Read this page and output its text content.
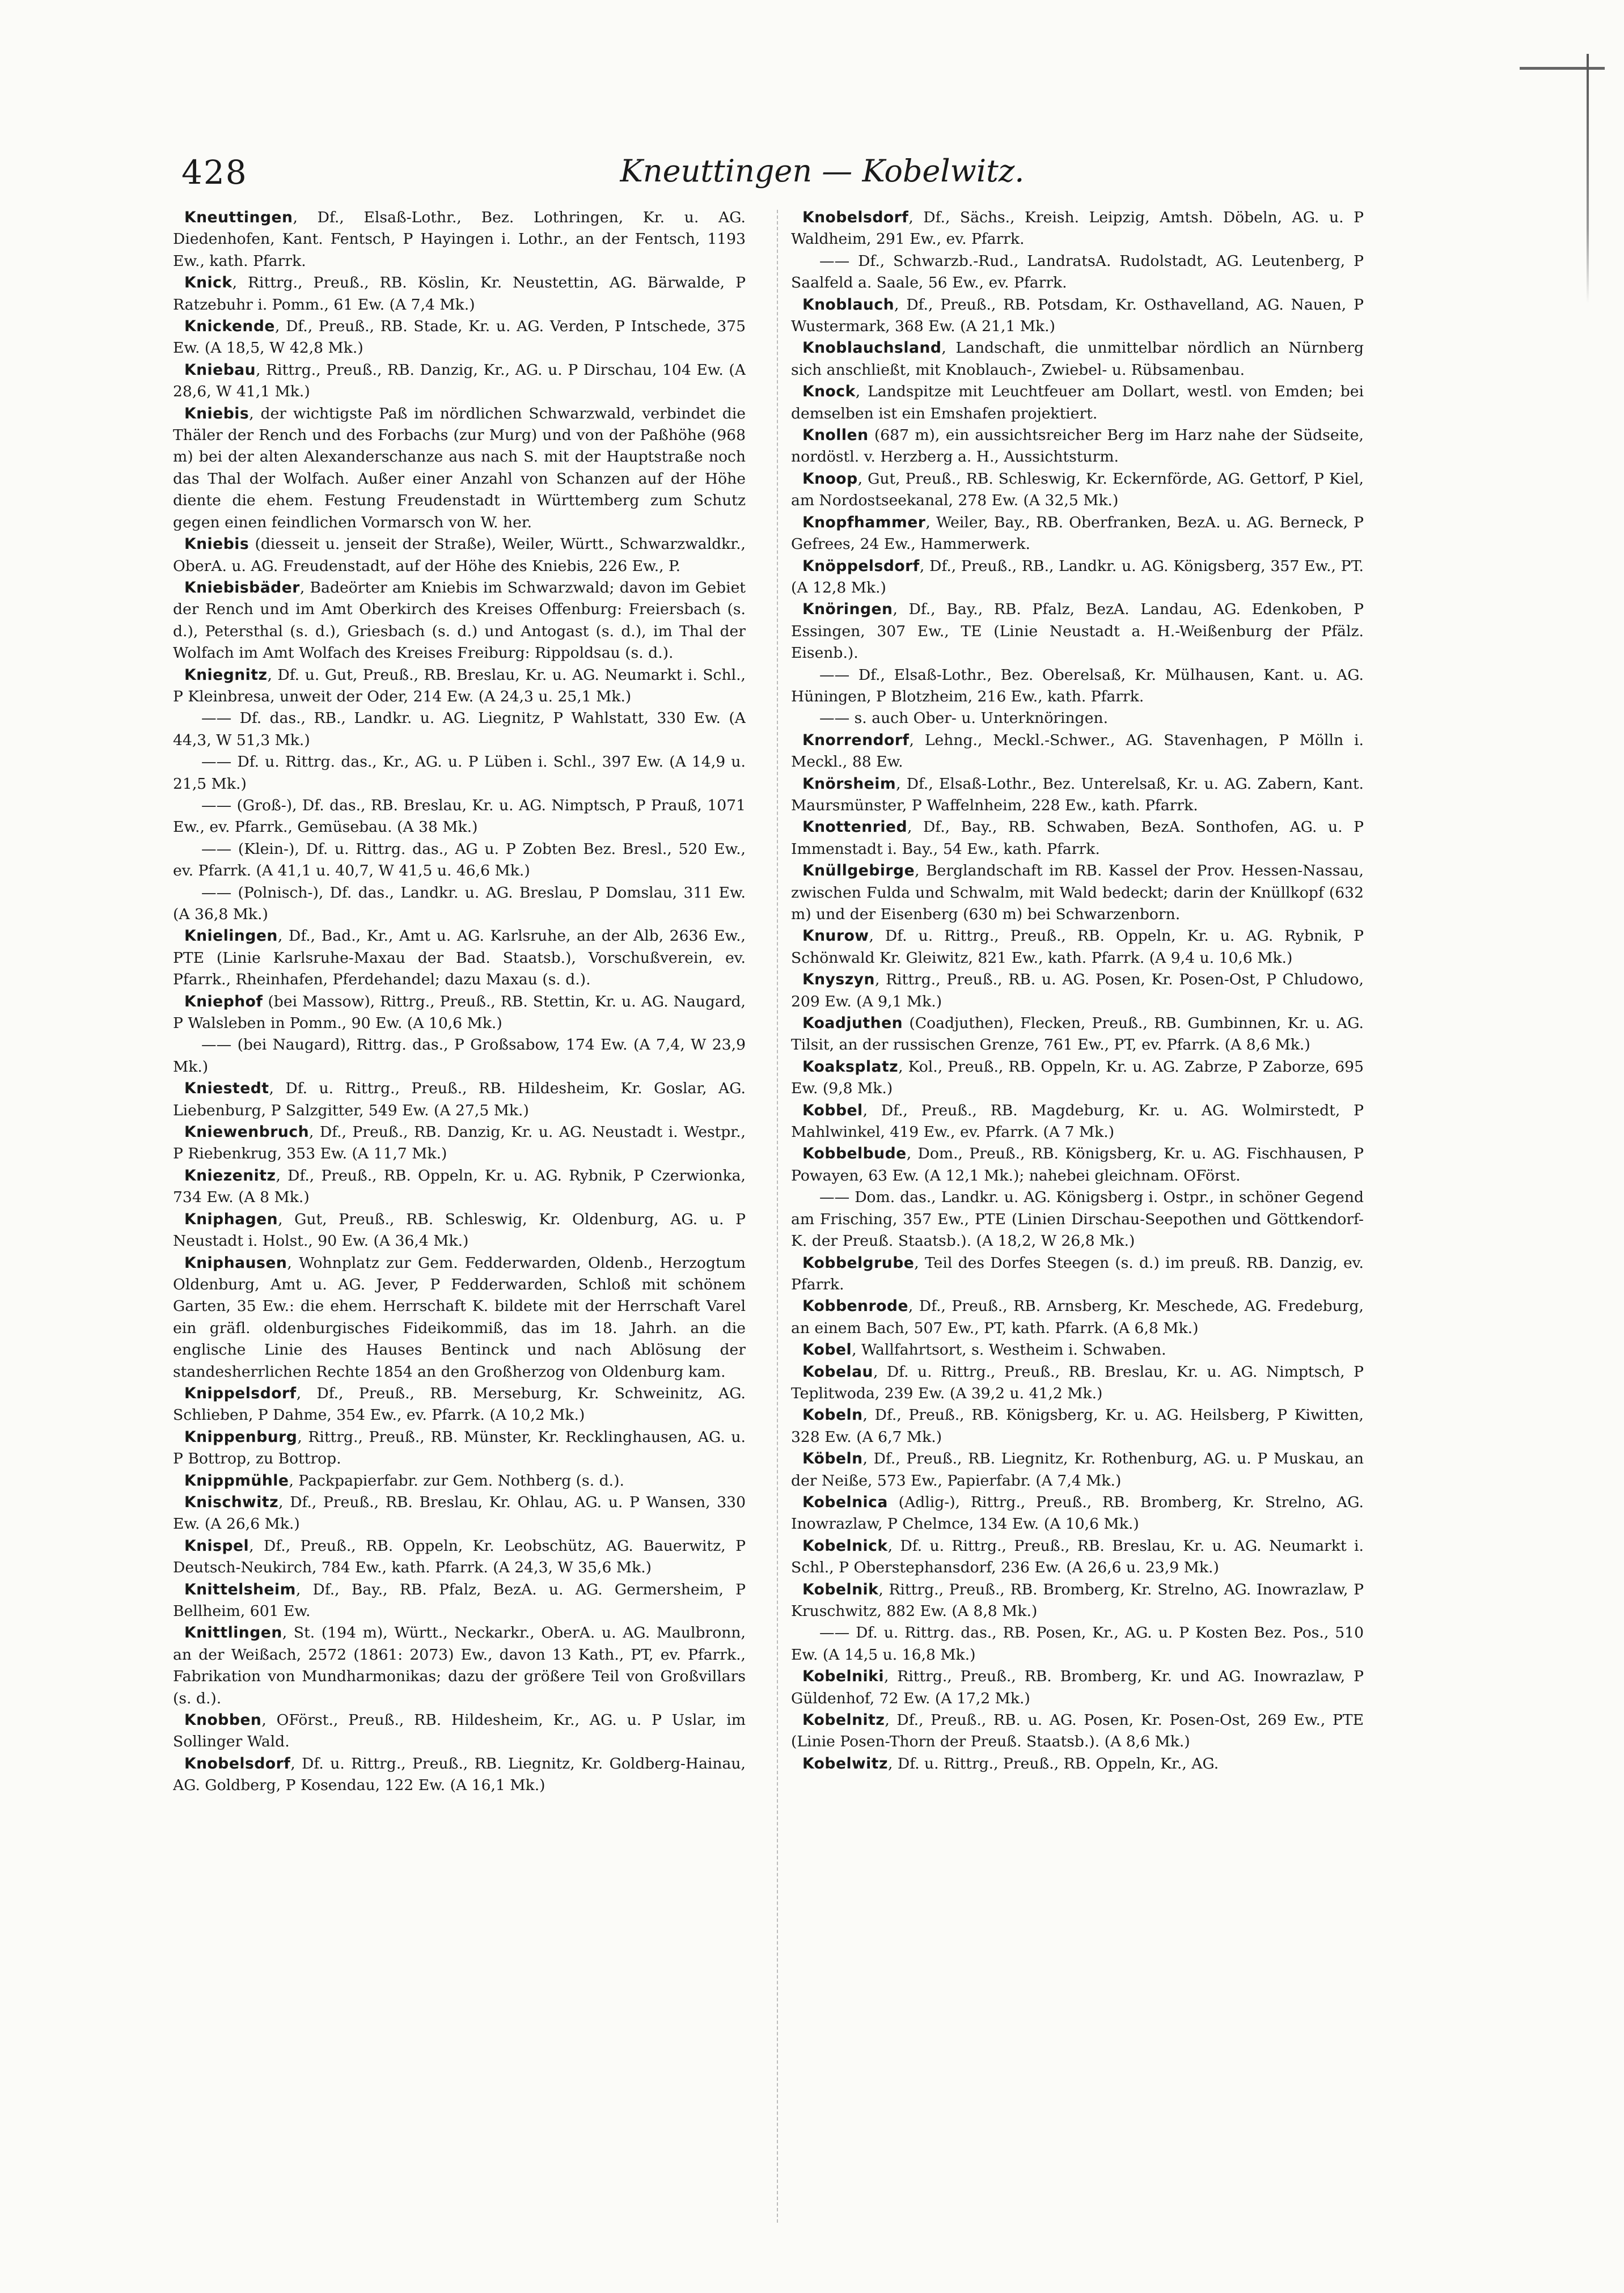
428	Kneuttingen — Kobelwitz.

Kneuttingen, Df., Elsaß-Lothr., Bez. Lothringen, Kr. u. AG. Diedenhofen, Kant. Fentsch, P Hayingen i. Lothr., an der Fentsch, 1193 Ew., kath. Pfarrk.

Knick, Rittrg., Preuß., RB. Köslin, Kr. Neustettin, AG. Bärwalde, P Ratzebuhr i. Pomm., 61 Ew. (A 7,4 Mk.)

Knickende, Df., Preuß., RB. Stade, Kr. u. AG. Verden, P Intschede, 375 Ew. (A 18,5, W 42,8 Mk.)

Kniebau, Rittrg., Preuß., RB. Danzig, Kr., AG. u. P Dirschau, 104 Ew. (A 28,6, W 41,1 Mk.)

Kniebis, der wichtigste Paß im nördlichen Schwarzwald, verbindet die Thäler der Rench und des Forbachs (zur Murg) und von der Paßhöhe (968 m) bei der alten Alexanderschanze aus nach S. mit der Hauptstraße noch das Thal der Wolfach. Außer einer Anzahl von Schanzen auf der Höhe diente die ehem. Festung Freudenstadt in Württemberg zum Schutz gegen einen feindlichen Vormarsch von W. her.

Kniebis (diesseit u. jenseit der Straße), Weiler, Württ., Schwarzwaldkr., OberA. u. AG. Freudenstadt, auf der Höhe des Kniebis, 226 Ew., P.

Kniebisbäder, Badeörter am Kniebis im Schwarzwald; davon im Gebiet der Rench und im Amt Oberkirch des Kreises Offenburg: Freiersbach (s. d.), Petersthal (s. d.), Griesbach (s. d.) und Antogast (s. d.), im Thal der Wolfach im Amt Wolfach des Kreises Freiburg: Rippoldsau (s. d.).

Kniegnitz, Df. u. Gut, Preuß., RB. Breslau, Kr. u. AG. Neumarkt i. Schl., P Kleinbresa, unweit der Oder, 214 Ew. (A 24,3 u. 25,1 Mk.)

—— Df. das., RB., Landkr. u. AG. Liegnitz, P Wahlstatt, 330 Ew. (A 44,3, W 51,3 Mk.)

—— Df. u. Rittrg. das., Kr., AG. u. P Lüben i. Schl., 397 Ew. (A 14,9 u. 21,5 Mk.)

—— (Groß-), Df. das., RB. Breslau, Kr. u. AG. Nimptsch, P Prauß, 1071 Ew., ev. Pfarrk., Gemüsebau. (A 38 Mk.)

—— (Klein-), Df. u. Rittrg. das., AG u. P Zobten Bez. Bresl., 520 Ew., ev. Pfarrk. (A 41,1 u. 40,7, W 41,5 u. 46,6 Mk.)

—— (Polnisch-), Df. das., Landkr. u. AG. Breslau, P Domslau, 311 Ew. (A 36,8 Mk.)

Knielingen, Df., Bad., Kr., Amt u. AG. Karlsruhe, an der Alb, 2636 Ew., PTE (Linie Karlsruhe-Maxau der Bad. Staatsb.), Vorschußverein, ev. Pfarrk., Rheinhafen, Pferdehandel; dazu Maxau (s. d.).

Kniephof (bei Massow), Rittrg., Preuß., RB. Stettin, Kr. u. AG. Naugard, P Walsleben in Pomm., 90 Ew. (A 10,6 Mk.)

—— (bei Naugard), Rittrg. das., P Großsabow, 174 Ew. (A 7,4, W 23,9 Mk.)

Kniestedt, Df. u. Rittrg., Preuß., RB. Hildesheim, Kr. Goslar, AG. Liebenburg, P Salzgitter, 549 Ew. (A 27,5 Mk.)

Kniewenbruch, Df., Preuß., RB. Danzig, Kr. u. AG. Neustadt i. Westpr., P Riebenkrug, 353 Ew. (A 11,7 Mk.)

Kniezenitz, Df., Preuß., RB. Oppeln, Kr. u. AG. Rybnik, P Czerwionka, 734 Ew. (A 8 Mk.)

Kniphagen, Gut, Preuß., RB. Schleswig, Kr. Oldenburg, AG. u. P Neustadt i. Holst., 90 Ew. (A 36,4 Mk.)

Kniphausen, Wohnplatz zur Gem. Fedderwarden, Oldenb., Herzogtum Oldenburg, Amt u. AG. Jever, P Fedderwarden, Schloß mit schönem Garten, 35 Ew.: die ehem. Herrschaft K. bildete mit der Herrschaft Varel ein gräfl. oldenburgisches Fideikommiß, das im 18. Jahrh. an die englische Linie des Hauses Bentinck und nach Ablösung der standesherrlichen Rechte 1854 an den Großherzog von Oldenburg kam.

Knippelsdorf, Df., Preuß., RB. Merseburg, Kr. Schweinitz, AG. Schlieben, P Dahme, 354 Ew., ev. Pfarrk. (A 10,2 Mk.)

Knippenburg, Rittrg., Preuß., RB. Münster, Kr. Recklinghausen, AG. u. P Bottrop, zu Bottrop.

Knippmühle, Packpapierfabr. zur Gem. Nothberg (s. d.).

Knischwitz, Df., Preuß., RB. Breslau, Kr. Ohlau, AG. u. P Wansen, 330 Ew. (A 26,6 Mk.)

Knispel, Df., Preuß., RB. Oppeln, Kr. Leobschütz, AG. Bauerwitz, P Deutsch-Neukirch, 784 Ew., kath. Pfarrk. (A 24,3, W 35,6 Mk.)

Knittelsheim, Df., Bay., RB. Pfalz, BezA. u. AG. Germersheim, P Bellheim, 601 Ew.

Knittlingen, St. (194 m), Württ., Neckarkr., OberA. u. AG. Maulbronn, an der Weißach, 2572 (1861: 2073) Ew., davon 13 Kath., PT, ev. Pfarrk., Fabrikation von Mundharmonikas; dazu der größere Teil von Großvillars (s. d.).

Knobben, OFörst., Preuß., RB. Hildesheim, Kr., AG. u. P Uslar, im Sollinger Wald.

Knobelsdorf, Df. u. Rittrg., Preuß., RB. Liegnitz, Kr. Goldberg-Hainau, AG. Goldberg, P Kosendau, 122 Ew. (A 16,1 Mk.)

Knobelsdorf, Df., Sächs., Kreish. Leipzig, Amtsh. Döbeln, AG. u. P Waldheim, 291 Ew., ev. Pfarrk.

—— Df., Schwarzb.-Rud., LandratsA. Rudolstadt, AG. Leutenberg, P Saalfeld a. Saale, 56 Ew., ev. Pfarrk.

Knoblauch, Df., Preuß., RB. Potsdam, Kr. Osthavelland, AG. Nauen, P Wustermark, 368 Ew. (A 21,1 Mk.)

Knoblauchsland, Landschaft, die unmittelbar nördlich an Nürnberg sich anschließt, mit Knoblauch-, Zwiebel- u. Rübsamenbau.

Knock, Landspitze mit Leuchtfeuer am Dollart, westl. von Emden; bei demselben ist ein Emshafen projektiert.

Knollen (687 m), ein aussichtsreicher Berg im Harz nahe der Südseite, nordöstl. v. Herzberg a. H., Aussichtsturm.

Knoop, Gut, Preuß., RB. Schleswig, Kr. Eckernförde, AG. Gettorf, P Kiel, am Nordostseekanal, 278 Ew. (A 32,5 Mk.)

Knopfhammer, Weiler, Bay., RB. Oberfranken, BezA. u. AG. Berneck, P Gefrees, 24 Ew., Hammerwerk.

Knöppelsdorf, Df., Preuß., RB., Landkr. u. AG. Königsberg, 357 Ew., PT. (A 12,8 Mk.)

Knöringen, Df., Bay., RB. Pfalz, BezA. Landau, AG. Edenkoben, P Essingen, 307 Ew., TE (Linie Neustadt a. H.-Weißenburg der Pfälz. Eisenb.).

—— Df., Elsaß-Lothr., Bez. Oberelsaß, Kr. Mülhausen, Kant. u. AG. Hüningen, P Blotzheim, 216 Ew., kath. Pfarrk.

—— s. auch Ober- u. Unterknöringen.

Knorrendorf, Lehng., Meckl.-Schwer., AG. Stavenhagen, P Mölln i. Meckl., 88 Ew.

Knörsheim, Df., Elsaß-Lothr., Bez. Unterelsaß, Kr. u. AG. Zabern, Kant. Maursmünster, P Waffelnheim, 228 Ew., kath. Pfarrk.

Knottenried, Df., Bay., RB. Schwaben, BezA. Sonthofen, AG. u. P Immenstadt i. Bay., 54 Ew., kath. Pfarrk.

Knüllgebirge, Berglandschaft im RB. Kassel der Prov. Hessen-Nassau, zwischen Fulda und Schwalm, mit Wald bedeckt; darin der Knüllkopf (632 m) und der Eisenberg (630 m) bei Schwarzenborn.

Knurow, Df. u. Rittrg., Preuß., RB. Oppeln, Kr. u. AG. Rybnik, P Schönwald Kr. Gleiwitz, 821 Ew., kath. Pfarrk. (A 9,4 u. 10,6 Mk.)

Knyszyn, Rittrg., Preuß., RB. u. AG. Posen, Kr. Posen-Ost, P Chludowo, 209 Ew. (A 9,1 Mk.)

Koadjuthen (Coadjuthen), Flecken, Preuß., RB. Gumbinnen, Kr. u. AG. Tilsit, an der russischen Grenze, 761 Ew., PT, ev. Pfarrk. (A 8,6 Mk.)

Koaksplatz, Kol., Preuß., RB. Oppeln, Kr. u. AG. Zabrze, P Zaborze, 695 Ew. (9,8 Mk.)

Kobbel, Df., Preuß., RB. Magdeburg, Kr. u. AG. Wolmirstedt, P Mahlwinkel, 419 Ew., ev. Pfarrk. (A 7 Mk.)

Kobbelbude, Dom., Preuß., RB. Königsberg, Kr. u. AG. Fischhausen, P Powayen, 63 Ew. (A 12,1 Mk.); nahebei gleichnam. OFörst.

—— Dom. das., Landkr. u. AG. Königsberg i. Ostpr., in schöner Gegend am Frisching, 357 Ew., PTE (Linien Dirschau-Seepothen und Göttkendorf-K. der Preuß. Staatsb.). (A 18,2, W 26,8 Mk.)

Kobbelgrube, Teil des Dorfes Steegen (s. d.) im preuß. RB. Danzig, ev. Pfarrk.

Kobbenrode, Df., Preuß., RB. Arnsberg, Kr. Meschede, AG. Fredeburg, an einem Bach, 507 Ew., PT, kath. Pfarrk. (A 6,8 Mk.)

Kobel, Wallfahrtsort, s. Westheim i. Schwaben.

Kobelau, Df. u. Rittrg., Preuß., RB. Breslau, Kr. u. AG. Nimptsch, P Teplitwoda, 239 Ew. (A 39,2 u. 41,2 Mk.)

Kobeln, Df., Preuß., RB. Königsberg, Kr. u. AG. Heilsberg, P Kiwitten, 328 Ew. (A 6,7 Mk.)

Köbeln, Df., Preuß., RB. Liegnitz, Kr. Rothenburg, AG. u. P Muskau, an der Neiße, 573 Ew., Papierfabr. (A 7,4 Mk.)

Kobelnica (Adlig-), Rittrg., Preuß., RB. Bromberg, Kr. Strelno, AG. Inowrazlaw, P Chelmce, 134 Ew. (A 10,6 Mk.)

Kobelnick, Df. u. Rittrg., Preuß., RB. Breslau, Kr. u. AG. Neumarkt i. Schl., P Oberstephansdorf, 236 Ew. (A 26,6 u. 23,9 Mk.)

Kobelnik, Rittrg., Preuß., RB. Bromberg, Kr. Strelno, AG. Inowrazlaw, P Kruschwitz, 882 Ew. (A 8,8 Mk.)

—— Df. u. Rittrg. das., RB. Posen, Kr., AG. u. P Kosten Bez. Pos., 510 Ew. (A 14,5 u. 16,8 Mk.)

Kobelniki, Rittrg., Preuß., RB. Bromberg, Kr. und AG. Inowrazlaw, P Güldenhof, 72 Ew. (A 17,2 Mk.)

Kobelnitz, Df., Preuß., RB. u. AG. Posen, Kr. Posen-Ost, 269 Ew., PTE (Linie Posen-Thorn der Preuß. Staatsb.). (A 8,6 Mk.)

Kobelwitz, Df. u. Rittrg., Preuß., RB. Oppeln, Kr., AG.
